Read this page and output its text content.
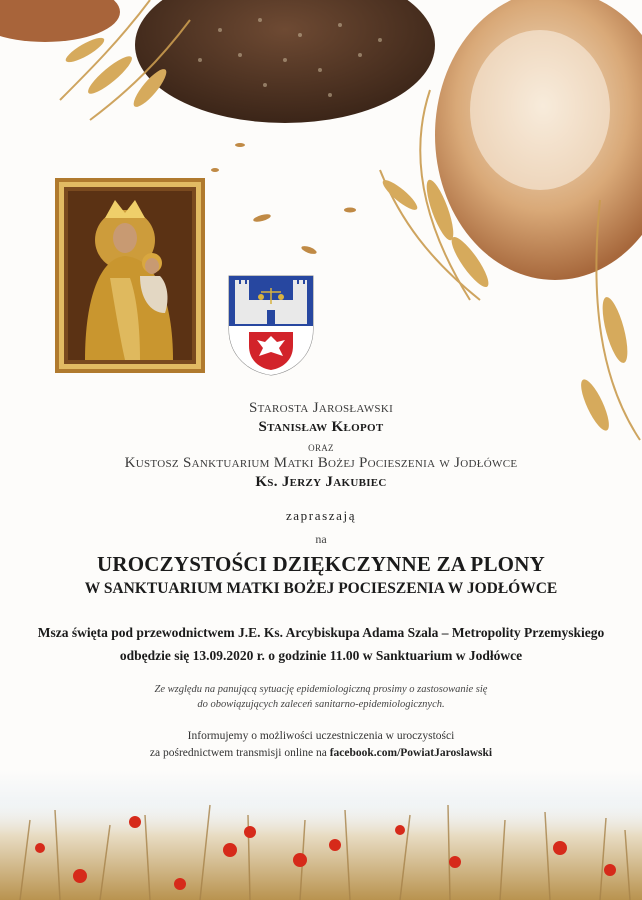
Starosta Jarosławski
Stanisław Kłopot
oraz
Kustosz Sanktuarium Matki Bożej Pocieszenia w Jodłówce
Ks. Jerzy Jakubiec
zapraszają
na
UROCZYSTOŚCI DZIĘKCZYNNE ZA PLONY
W SANKTUARIUM MATKI BOŻEJ POCIESZENIA W JODŁÓWCE
Msza święta pod przewodnictwem J.E. Ks. Arcybiskupa Adama Szala – Metropolity Przemyskiego
odbędzie się 13.09.2020 r. o godzinie 11.00 w Sanktuarium w Jodłówce
Ze względu na panującą sytuację epidemiologiczną prosimy o zastosowanie się
do obowiązujących zaleceń sanitarno-epidemiologicznych.
Informujemy o możliwości uczestniczenia w uroczystości
za pośrednictwem transmisji online na facebook.com/PowiatJaroslawski
